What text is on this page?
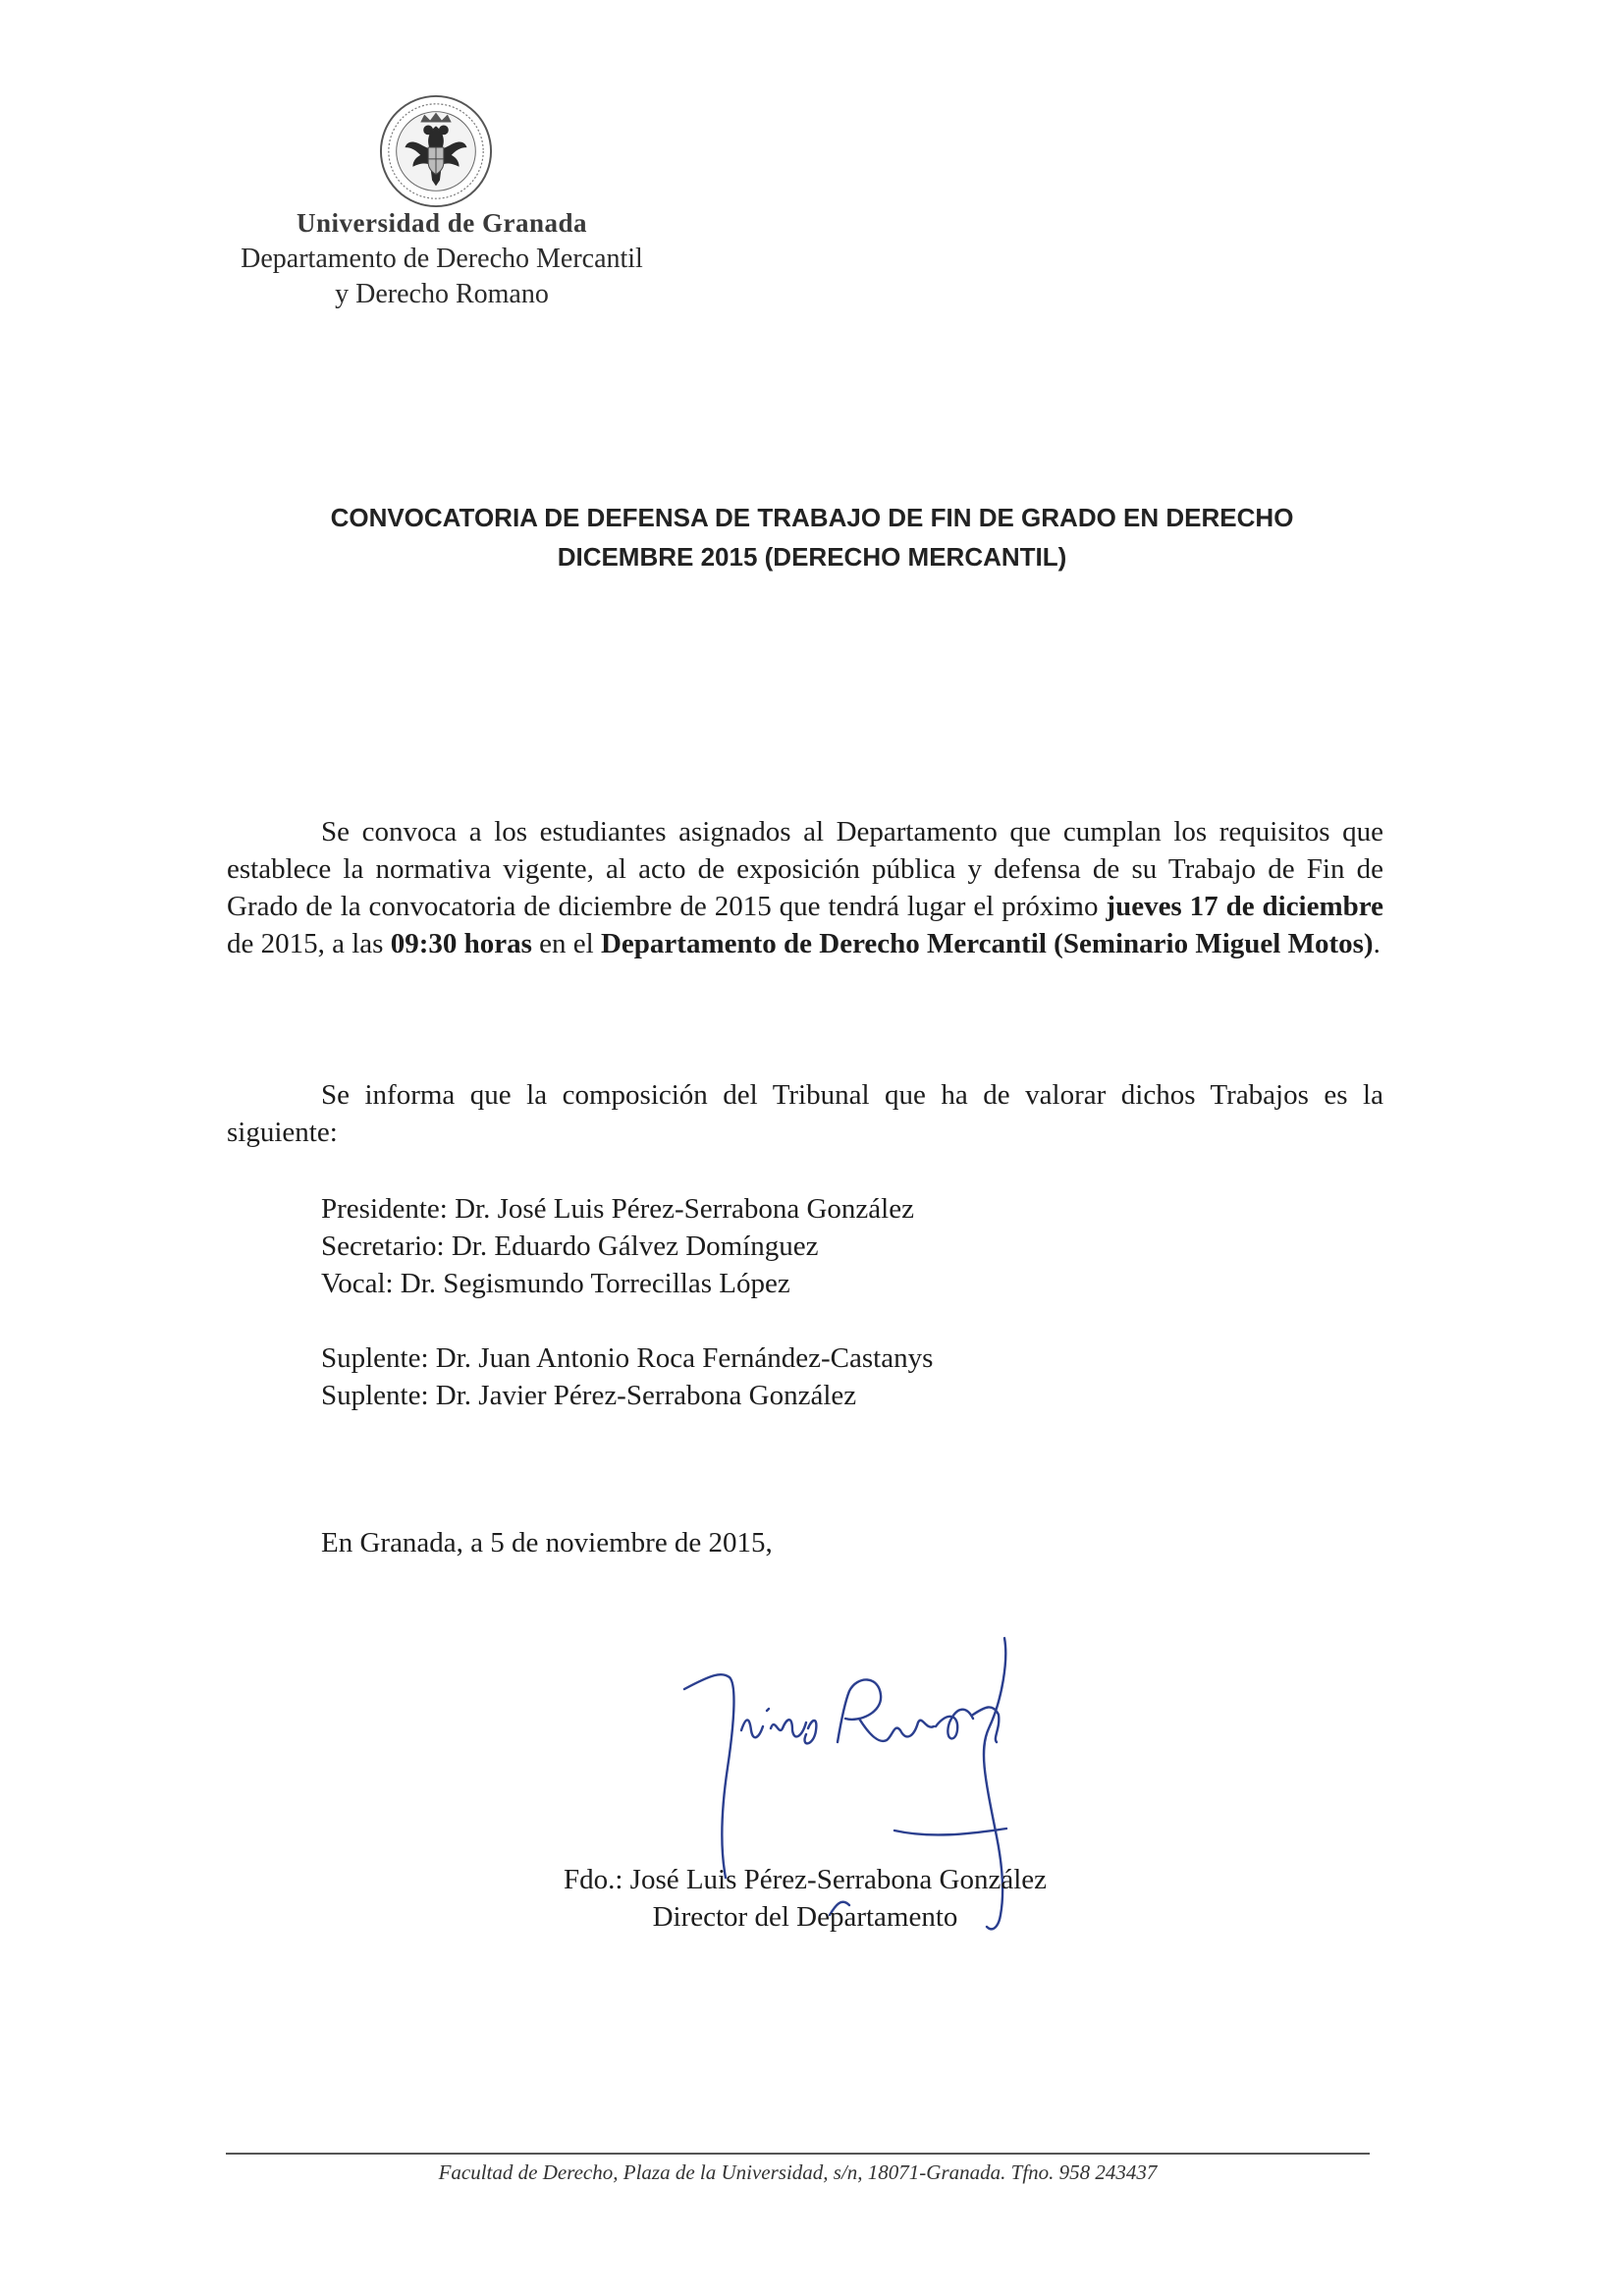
Universidad de Granada
Departamento de Derecho Mercantil
y Derecho Romano
CONVOCATORIA DE DEFENSA DE TRABAJO DE FIN DE GRADO EN DERECHO
DICEMBRE 2015 (DERECHO MERCANTIL)
Se convoca a los estudiantes asignados al Departamento que cumplan los requisitos que establece la normativa vigente, al acto de exposición pública y defensa de su Trabajo de Fin de Grado de la convocatoria de diciembre de 2015 que tendrá lugar el próximo jueves 17 de diciembre de 2015, a las 09:30 horas en el Departamento de Derecho Mercantil (Seminario Miguel Motos).
Se informa que la composición del Tribunal que ha de valorar dichos Trabajos es la siguiente:
Presidente: Dr. José Luis Pérez-Serrabona González
Secretario: Dr. Eduardo Gálvez Domínguez
Vocal: Dr. Segismundo Torrecillas López
Suplente: Dr. Juan Antonio Roca Fernández-Castanys
Suplente: Dr. Javier Pérez-Serrabona González
En Granada, a 5 de noviembre de 2015,
Fdo.: José Luis Pérez-Serrabona González
Director del Departamento
Facultad de Derecho, Plaza de la Universidad, s/n, 18071-Granada. Tfno. 958 243437
